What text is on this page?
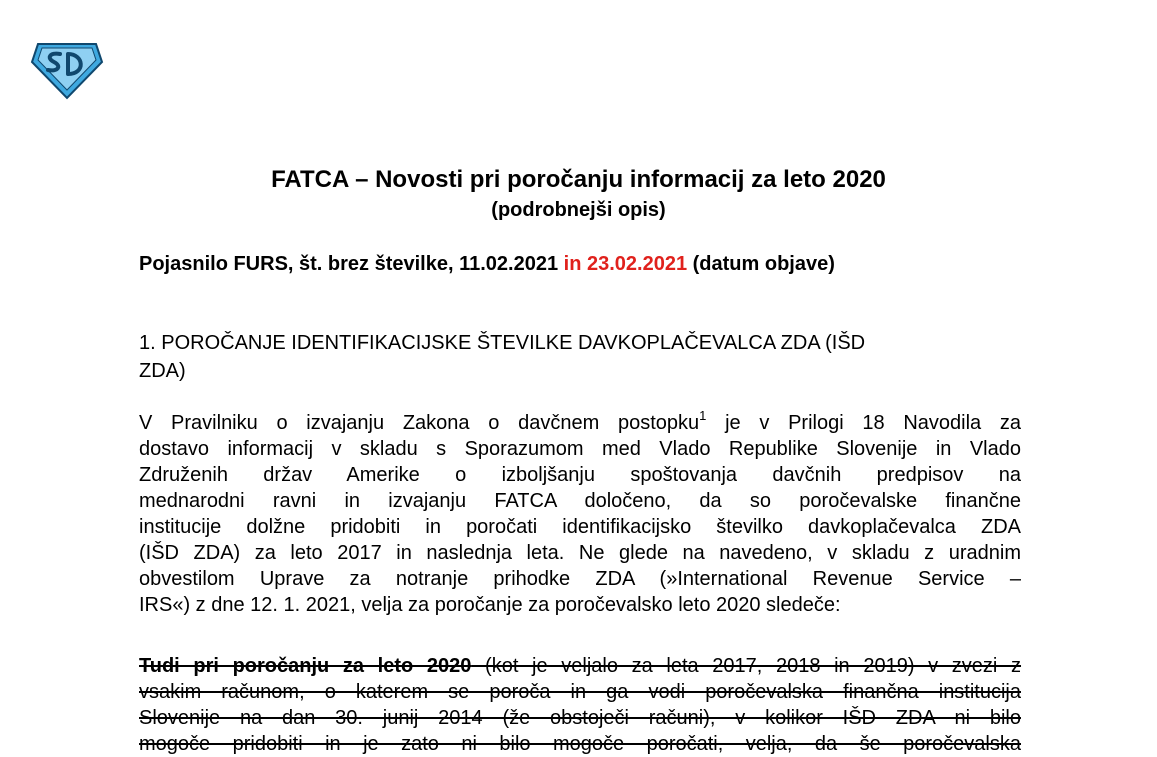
FATCA – Novosti pri poročanju informacij za leto 2020
(podrobnejši opis)
Pojasnilo FURS, št. brez številke, 11.02.2021 in 23.02.2021 (datum objave)
1. POROČANJE IDENTIFIKACIJSKE ŠTEVILKE DAVKOPLAČEVALCA ZDA (IŠD
ZDA)
V Pravilniku o izvajanju Zakona o davčnem postopku$^1$ je v Prilogi 18 Navodila za
dostavo informacij v skladu s Sporazumom med Vlado Republike Slovenije in Vlado
Združenih držav Amerike o izboljšanju spoštovanja davčnih predpisov na
mednarodni ravni in izvajanju FATCA določeno, da so poročevalske finančne
institucije dolžne pridobiti in poročati identifikacijsko številko davkoplačevalca ZDA
(IŠD ZDA) za leto 2017 in naslednja leta. Ne glede na navedeno, v skladu z uradnim
obvestilom Uprave za notranje prihodke ZDA (»International Revenue Service –
IRS«) z dne 12. 1. 2021, velja za poročanje za poročevalsko leto 2020 sledeče:
Tudi pri poročanju za leto 2020 (kot je veljalo za leta 2017, 2018 in 2019) v zvezi z
vsakim računom, o katerem se poroča in ga vodi poročevalska finančna institucija
Slovenije na dan 30. junij 2014 (že obstoječi računi), v kolikor IŠD ZDA ni bilo
mogoče pridobiti in je zato ni bilo mogoče poročati, velja, da še poročevalska
